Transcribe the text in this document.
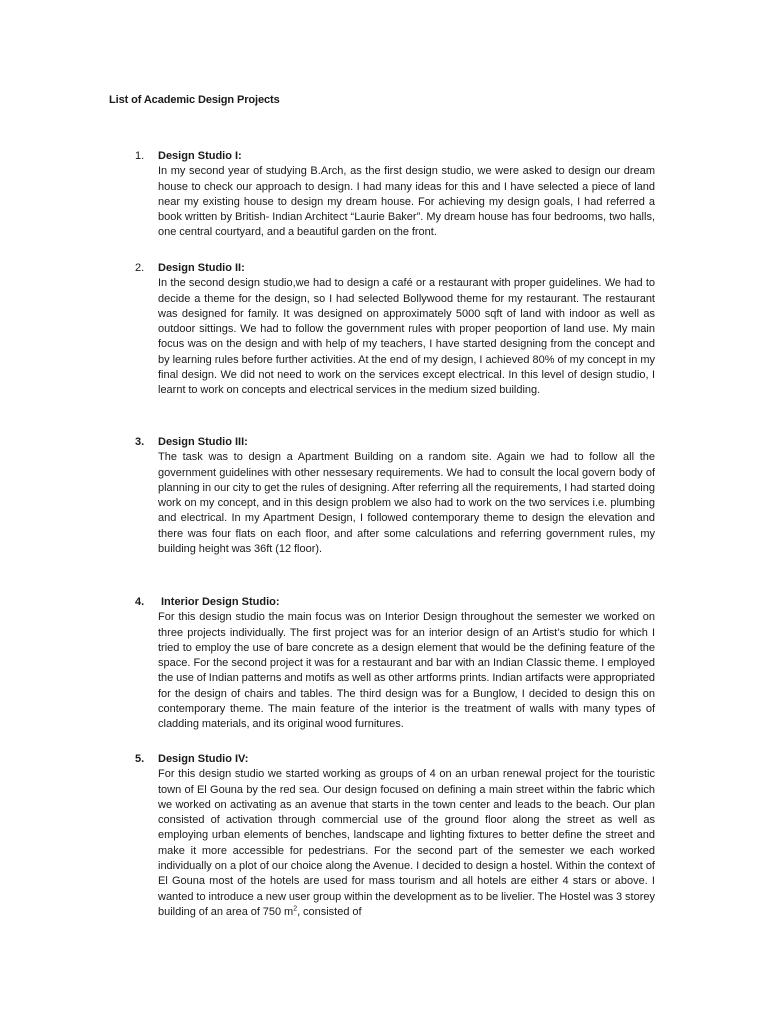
List of Academic Design Projects
1.	Design Studio I:
In my second year of studying B.Arch, as the first design studio, we were asked to design our dream house to check our approach to design. I had many ideas for this and I have selected a piece of land near my existing house to design my dream house. For achieving my design goals, I had referred a book written by British- Indian Architect “Laurie Baker”. My dream house has four bedrooms, two halls, one central courtyard, and a beautiful garden on the front.
2.	Design Studio II:
In the second design studio,we had to design a café or a restaurant with proper guidelines. We had to decide a theme for the design, so I had selected Bollywood theme for my restaurant. The restaurant was designed for family. It was designed on approximately 5000 sqft of land with indoor as well as outdoor sittings. We had to follow the government rules with proper peoportion of land use. My main focus was on the design and with help of my teachers, I have started designing from the concept and by learning rules before further activities. At the end of my design, I achieved 80% of my concept in my final design. We did not need to work on the services except electrical. In this level of design studio, I learnt to work on concepts and electrical services in the medium sized building.
3.	Design Studio III:
The task was to design a Apartment Building on a random site. Again we had to follow all the government guidelines with other nessesary requirements. We had to consult the local govern body of planning in our city to get the rules of designing. After referring all the requirements, I had started doing work on my concept, and in this design problem we also had to work on the two services i.e. plumbing and electrical. In my Apartment Design, I followed contemporary theme to design the elevation and there was four flats on each floor, and after some calculations and referring government rules, my building height was 36ft (12 floor).
4.	Interior Design Studio:
For this design studio the main focus was on Interior Design throughout the semester we worked on three projects individually. The first project was for an interior design of an Artist’s studio for which I tried to employ the use of bare concrete as a design element that would be the defining feature of the space. For the second project it was for a restaurant and bar with an Indian Classic theme. I employed the use of Indian patterns and motifs as well as other artforms prints. Indian artifacts were appropriated for the design of chairs and tables. The third design was for a Bunglow, I decided to design this on contemporary theme. The main feature of the interior is the treatment of walls with many types of cladding materials, and its original wood furnitures.
5.	Design Studio IV:
For this design studio we started working as groups of 4 on an urban renewal project for the touristic town of El Gouna by the red sea. Our design focused on defining a main street within the fabric which we worked on activating as an avenue that starts in the town center and leads to the beach. Our plan consisted of activation through commercial use of the ground floor along the street as well as employing urban elements of benches, landscape and lighting fixtures to better define the street and make it more accessible for pedestrians. For the second part of the semester we each worked individually on a plot of our choice along the Avenue. I decided to design a hostel. Within the context of El Gouna most of the hotels are used for mass tourism and all hotels are either 4 stars or above. I wanted to introduce a new user group within the development as to be livelier. The Hostel was 3 storey building of an area of 750 $m^2$, consisted of
